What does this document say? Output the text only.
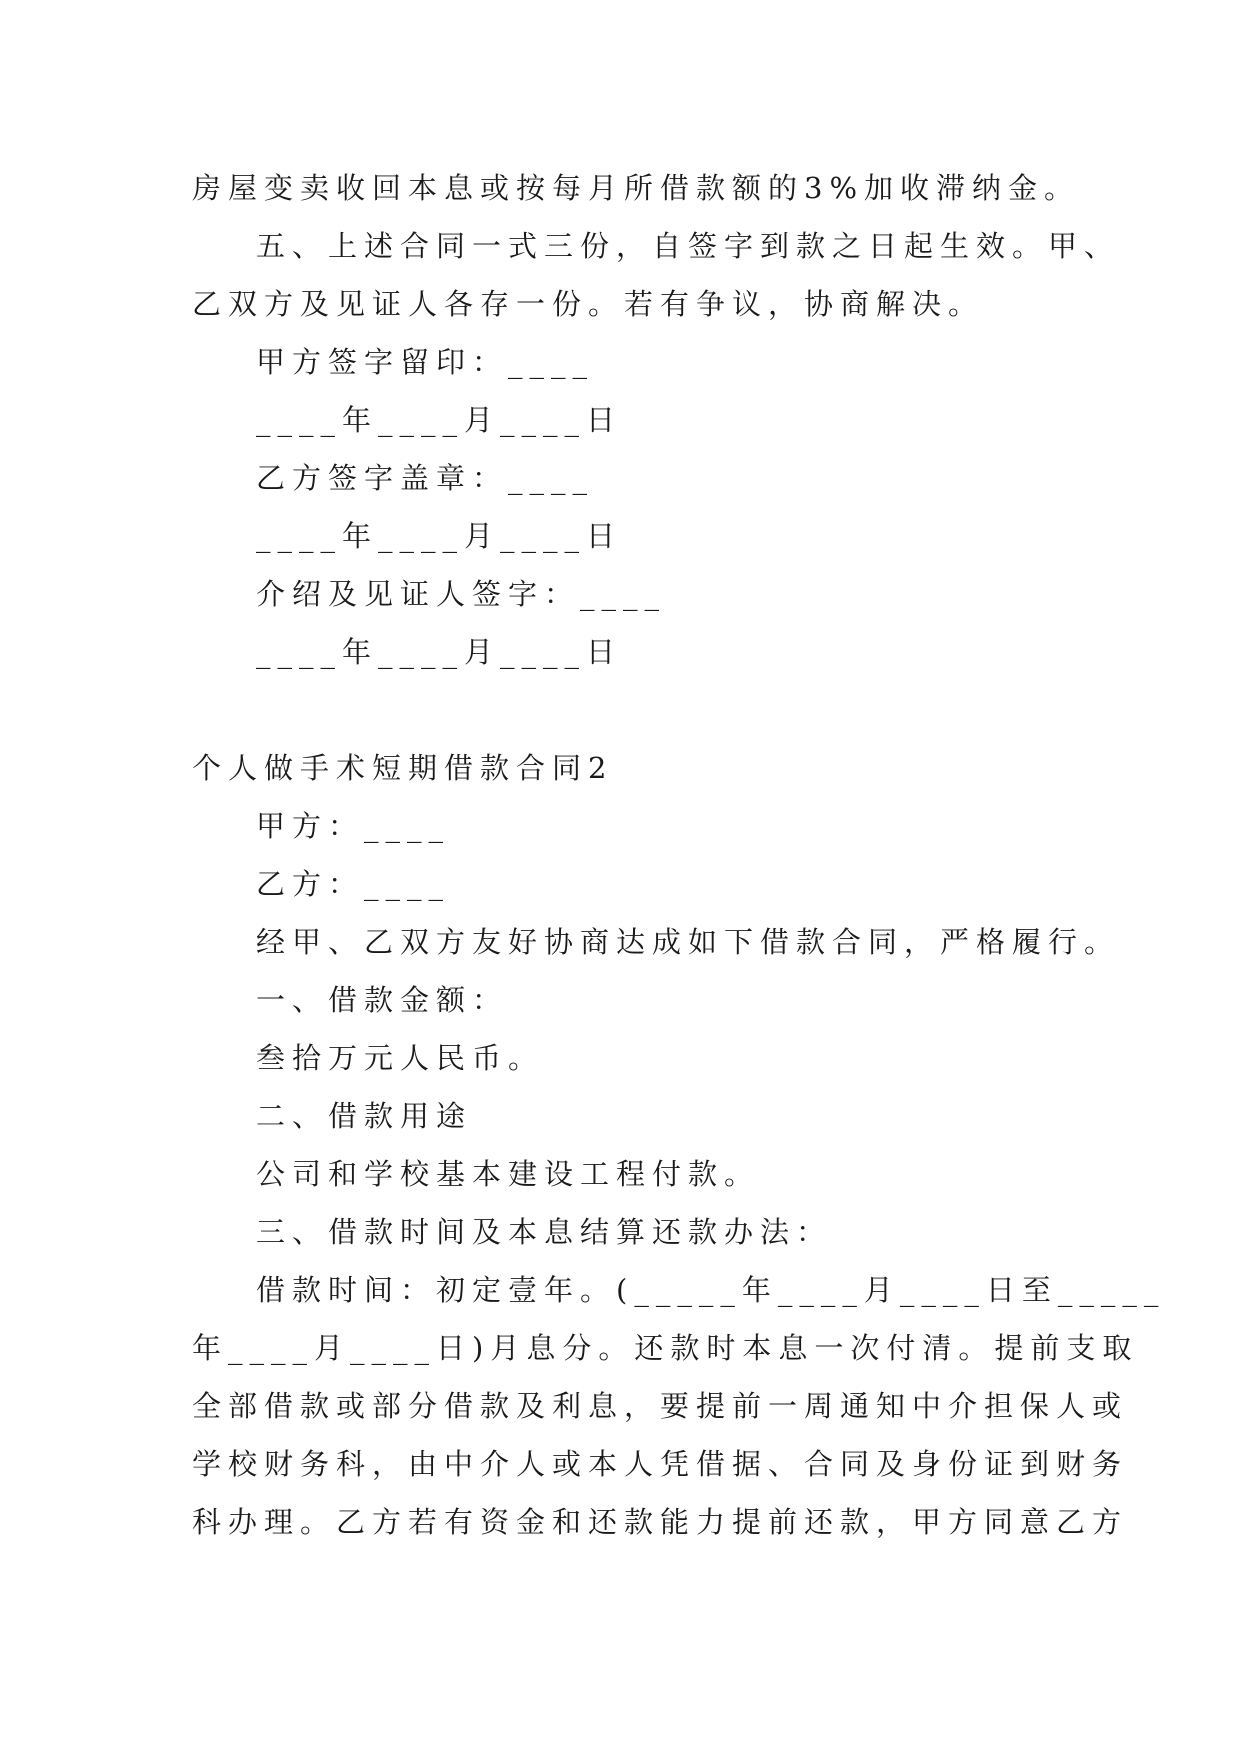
房屋变卖收回本息或按每月所借款额的3%加收滞纳金。
五、上述合同一式三份，自签字到款之日起生效。甲、
乙双方及见证人各存一份。若有争议，协商解决。
甲方签字留印：____
____年____月____日
乙方签字盖章：____
____年____月____日
介绍及见证人签字：____
____年____月____日
个人做手术短期借款合同2
甲方：____
乙方：____
经甲、乙双方友好协商达成如下借款合同，严格履行。
一、借款金额：
叁拾万元人民币。
二、借款用途
公司和学校基本建设工程付款。
三、借款时间及本息结算还款办法：
借款时间：初定壹年。(_____年____月____日至_____
年____月____日)月息分。还款时本息一次付清。提前支取
全部借款或部分借款及利息，要提前一周通知中介担保人或
学校财务科，由中介人或本人凭借据、合同及身份证到财务
科办理。乙方若有资金和还款能力提前还款，甲方同意乙方
